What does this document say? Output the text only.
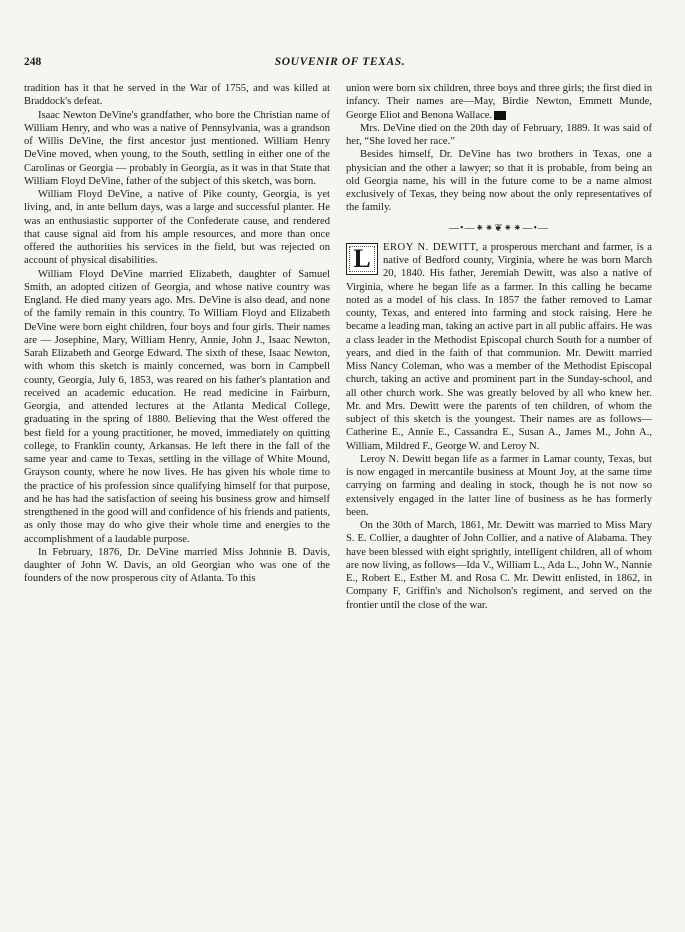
248	SOUVENIR OF TEXAS.

tradition has it that he served in the War of 1755, and was killed at Braddock's defeat.

Isaac Newton DeVine's grandfather, who bore the Christian name of William Henry, and who was a native of Pennsylvania, was a grandson of Willis DeVine, the first ancestor just mentioned. William Henry DeVine moved, when young, to the South, settling in either one of the Carolinas or Georgia — probably in Georgia, as it was in that State that William Floyd DeVine, father of the subject of this sketch, was born.

William Floyd DeVine, a native of Pike county, Georgia, is yet living, and, in ante bellum days, was a large and successful planter. He was an enthusiastic supporter of the Confederate cause, and rendered that cause signal aid from his ample resources, and more than once offered the authorities his services in the field, but was rejected on account of physical disabilities.

William Floyd DeVine married Elizabeth, daughter of Samuel Smith, an adopted citizen of Georgia, and whose native country was England. He died many years ago. Mrs. DeVine is also dead, and none of the family remain in this country. To William Floyd and Elizabeth DeVine were born eight children, four boys and four girls. Their names are — Josephine, Mary, William Henry, Annie, John J., Isaac Newton, Sarah Elizabeth and George Edward. The sixth of these, Isaac Newton, with whom this sketch is mainly concerned, was born in Campbell county, Georgia, July 6, 1853, was reared on his father's plantation and received an academic education. He read medicine in Fairburn, Georgia, and attended lectures at the Atlanta Medical College, graduating in the spring of 1880. Believing that the West offered the best field for a young practitioner, he moved, immediately on quitting college, to Franklin county, Arkansas. He left there in the fall of the same year and came to Texas, settling in the village of White Mound, Grayson county, where he now lives. He has given his whole time to the practice of his profession since qualifying himself for that purpose, and he has had the satisfaction of seeing his business grow and himself strengthened in the good will and confidence of his friends and patients, as only those may do who give their whole time and energies to the accomplishment of a laudable purpose.

In February, 1876, Dr. DeVine married Miss Johnnie B. Davis, daughter of John W. Davis, an old Georgian who was one of the founders of the now prosperous city of Atlanta. To this

union were born six children, three boys and three girls; the first died in infancy. Their names are—May, Birdie Newton, Emmett Munde, George Eliot and Benona Wallace.

Mrs. DeVine died on the 20th day of February, 1889. It was said of her, “She loved her race.”

Besides himself, Dr. DeVine has two brothers in Texas, one a physician and the other a lawyer; so that it is probable, from being an old Georgia name, his will in the future come to be a name almost exclusively of Texas, they being now about the only representatives of the family.

—•—⁕⁕❦⁕⁕—•—

L	EROY N. DEWITT, a prosperous merchant and farmer, is a native of Bedford county, Virginia, where he was born March 20, 1840. His father, Jeremiah Dewitt, was also a native of Virginia, where he began life as a farmer. In this calling he became noted as a model of his class. In 1857 the father removed to Lamar county, Texas, and entered into farming and stock raising. Here he became a leading man, taking an active part in all public affairs. He was a class leader in the Methodist Episcopal church South for a number of years, and died in the faith of that communion. Mr. Dewitt married Miss Nancy Coleman, who was a member of the Methodist Episcopal church, taking an active and prominent part in the Sunday-school, and all other church work. She was greatly beloved by all who knew her. Mr. and Mrs. Dewitt were the parents of ten children, of whom the subject of this sketch is the youngest. Their names are as follows—Catherine E., Annie E., Cassandra E., Susan A., James M., John A., William, Mildred F., George W. and Leroy N.

Leroy N. Dewitt began life as a farmer in Lamar county, Texas, but is now engaged in mercantile business at Mount Joy, at the same time carrying on farming and dealing in stock, though he is not now so extensively engaged in the latter line of business as he has formerly been.

On the 30th of March, 1861, Mr. Dewitt was married to Miss Mary S. E. Collier, a daughter of John Collier, and a native of Alabama. They have been blessed with eight sprightly, intelligent children, all of whom are now living, as follows—Ida V., William L., Ada L., John W., Nannie E., Robert E., Esther M. and Rosa C. Mr. Dewitt enlisted, in 1862, in Company F, Griffin's and Nicholson's regiment, and served on the frontier until the close of the war.
